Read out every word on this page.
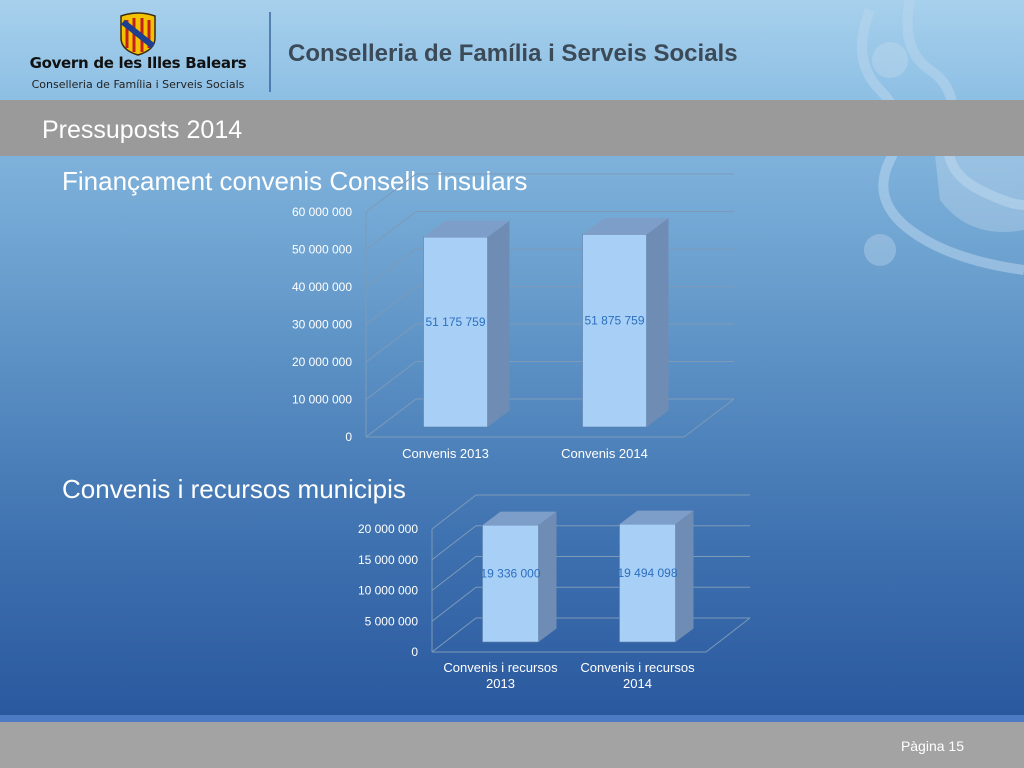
Govern de les Illes Balears
Conselleria de Família i Serveis Socials
Conselleria de Família i Serveis Socials
Pressuposts 2014
Finançament convenis Consells Insulars
Convenis i recursos municipis
0
10 000 000
20 000 000
30 000 000
40 000 000
50 000 000
60 000 000
51 175 759
Convenis 2013
51 875 759
Convenis 2014
0
5 000 000
10 000 000
15 000 000
20 000 000
19 336 000
Convenis i recursos
2013
19 494 098
Convenis i recursos
2014
Pàgina 15
